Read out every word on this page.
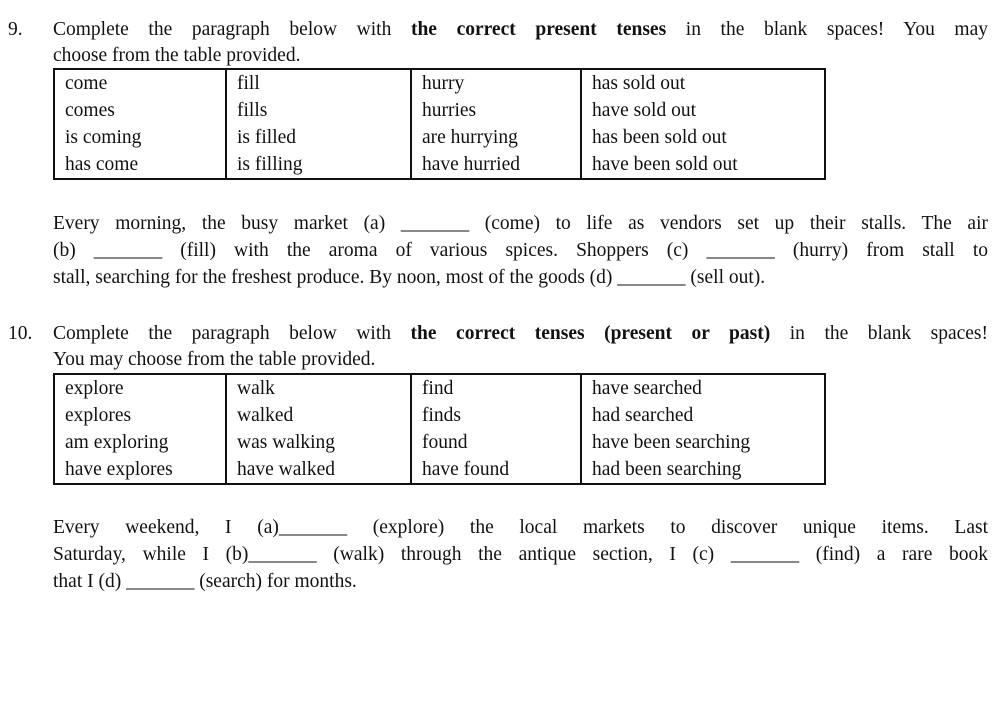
9. Complete the paragraph below with the correct present tenses in the blank spaces! You may
choose from the table provided.
come	fill	hurry	has sold out
comes	fills	hurries	have sold out
is coming	is filled	are hurrying	has been sold out
has come	is filling	have hurried	have been sold out
Every morning, the busy market (a) _______ (come) to life as vendors set up their stalls. The air
(b) _______ (fill) with the aroma of various spices. Shoppers (c) _______ (hurry) from stall to
stall, searching for the freshest produce. By noon, most of the goods (d) _______ (sell out).
10. Complete the paragraph below with the correct tenses (present or past) in the blank spaces!
You may choose from the table provided.
explore	walk	find	have searched
explores	walked	finds	had searched
am exploring	was walking	found	have been searching
have explores	have walked	have found	had been searching
Every weekend, I (a)_______ (explore) the local markets to discover unique items. Last
Saturday, while I (b)_______ (walk) through the antique section, I (c) _______ (find) a rare book
that I (d) _______ (search) for months.
